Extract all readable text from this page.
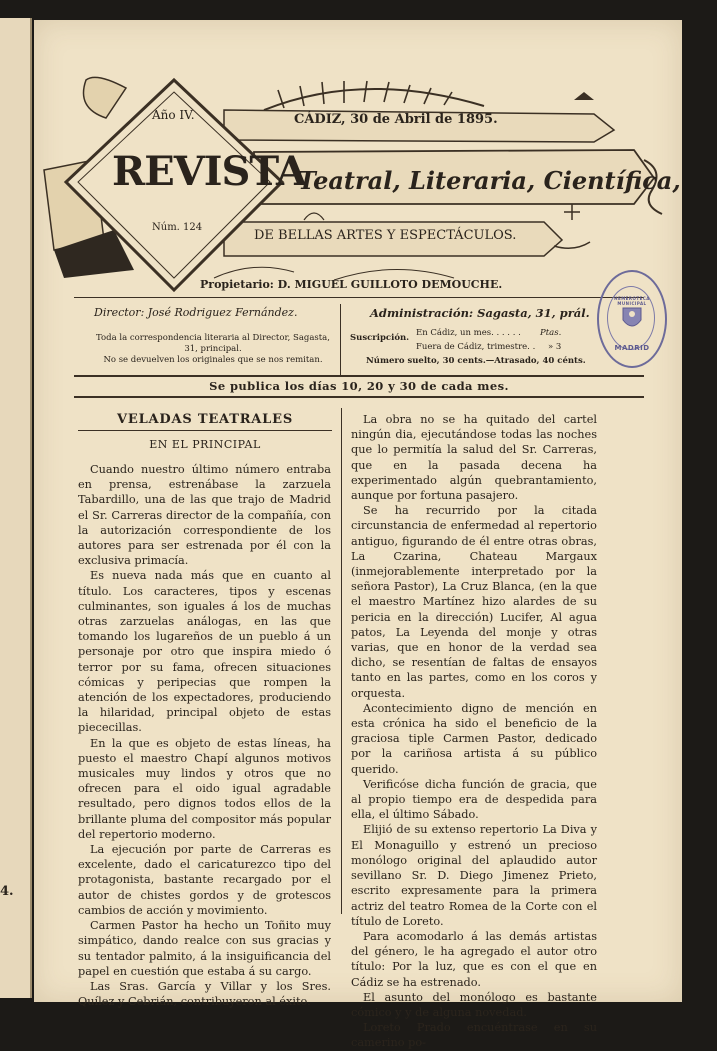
4.
Año IV.
Núm. 124
REVISTA
CÁDIZ, 30 de Abril de 1895.
Teatral, Literaria, Científica,
DE BELLAS ARTES Y ESPECTÁCULOS.
Propietario: D. MIGUEL GUILLOTO DEMOUCHE.
Director: José Rodriguez Fernández.
Toda la correspondencia literaria al Director, Sagasta, 31, principal.
No se devuelven los originales que se nos remitan.
Administración: Sagasta, 31, prál.
Suscripción. En Cádiz, un mes. . . . . . Ptas.
Fuera de Cádiz, trimestre. . » 3
Número suelto, 30 cents.—Atrasado, 40 cénts.
HEMEROTECA MUNICIPAL
MADRID
Se publica los días 10, 20 y 30 de cada mes.
VELADAS TEATRALES
EN EL PRINCIPAL

Cuando nuestro último número entraba en prensa, estrenábase la zarzuela Tabardillo, una de las que trajo de Madrid el Sr. Carreras director de la compañía, con la autorización correspondiente de los autores para ser estrenada por él con la exclusiva primacía.

Es nueva nada más que en cuanto al título. Los caracteres, tipos y escenas culminantes, son iguales á los de muchas otras zarzuelas análogas, en las que tomando los lugareños de un pueblo á un personaje por otro que inspira miedo ó terror por su fama, ofrecen situaciones cómicas y peripecias que rompen la atención de los expectadores, produciendo la hilaridad, principal objeto de estas piececillas.

En la que es objeto de estas líneas, ha puesto el maestro Chapí algunos motivos musicales muy lindos y otros que no ofrecen para el oido igual agradable resultado, pero dignos todos ellos de la brillante pluma del compositor más popular del repertorio moderno.

La ejecución por parte de Carreras es excelente, dado el caricaturezco tipo del protagonista, bastante recargado por el autor de chistes gordos y de grotescos cambios de acción y movimiento.

Carmen Pastor ha hecho un Toñito muy simpático, dando realce con sus gracias y su tentador palmito, á la insiguificancia del papel en cuestión que estaba á su cargo.

Las Sras. García y Villar y los Sres. Quílez y Cebrián, contribuyeron al éxito.

La obra no se ha quitado del cartel ningún dia, ejecutándose todas las noches que lo permitía la salud del Sr. Carreras, que en la pasada decena ha experimentado algún quebrantamiento, aunque por fortuna pasajero.

Se ha recurrido por la citada circunstancia de enfermedad al repertorio antiguo, figurando de él entre otras obras, La Czarina, Chateau Margaux (inmejorablemente interpretado por la señora Pastor), La Cruz Blanca, (en la que el maestro Martínez hizo alardes de su pericia en la dirección) Lucifer, Al agua patos, La Leyenda del monje y otras varias, que en honor de la verdad sea dicho, se resentían de faltas de ensayos tanto en las partes, como en los coros y orquesta.

Acontecimiento digno de mención en esta crónica ha sido el beneficio de la graciosa tiple Carmen Pastor, dedicado por la cariñosa artista á su público querido.

Verificóse dicha función de gracia, que al propio tiempo era de despedida para ella, el último Sábado.

Elijió de su extenso repertorio La Diva y El Monaguillo y estrenó un precioso monólogo original del aplaudido autor sevillano Sr. D. Diego Jimenez Prieto, escrito expresamente para la primera actriz del teatro Romea de la Corte con el título de Loreto.

Para acomodarlo á las demás artistas del género, le ha agregado el autor otro título: Por la luz, que es con el que en Cádiz se ha estrenado.

El asunto del monólogo es bastante cómico y y de alguna novedad.

Loreto Prado encuéntrase en su camerino po-
